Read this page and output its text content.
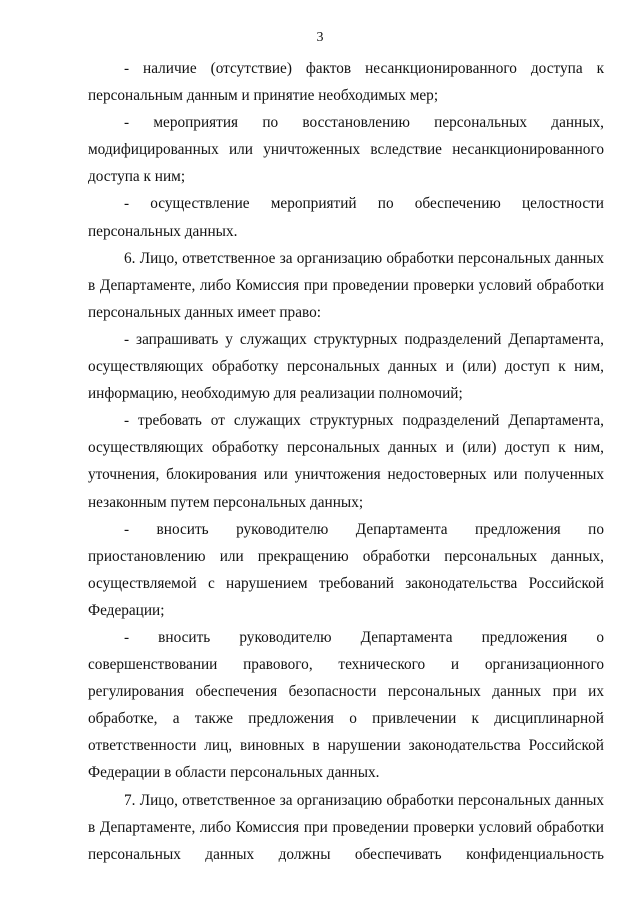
3

- наличие (отсутствие) фактов несанкционированного доступа к персональным данным и принятие необходимых мер;

- мероприятия по восстановлению персональных данных, модифицированных или уничтоженных вследствие несанкционированного доступа к ним;

- осуществление мероприятий по обеспечению целостности персональных данных.

6. Лицо, ответственное за организацию обработки персональных данных в Департаменте, либо Комиссия при проведении проверки условий обработки персональных данных имеет право:

- запрашивать у служащих структурных подразделений Департамента, осуществляющих обработку персональных данных и (или) доступ к ним, информацию, необходимую для реализации полномочий;

- требовать от служащих структурных подразделений Департамента, осуществляющих обработку персональных данных и (или) доступ к ним, уточнения, блокирования или уничтожения недостоверных или полученных незаконным путем персональных данных;

- вносить руководителю Департамента предложения по приостановлению или прекращению обработки персональных данных, осуществляемой с нарушением требований законодательства Российской Федерации;

- вносить руководителю Департамента предложения о совершенствовании правового, технического и организационного регулирования обеспечения безопасности персональных данных при их обработке, а также предложения о привлечении к дисциплинарной ответственности лиц, виновных в нарушении законодательства Российской Федерации в области персональных данных.

7. Лицо, ответственное за организацию обработки персональных данных в Департаменте, либо Комиссия при проведении проверки условий обработки персональных данных должны обеспечивать конфиденциальность
